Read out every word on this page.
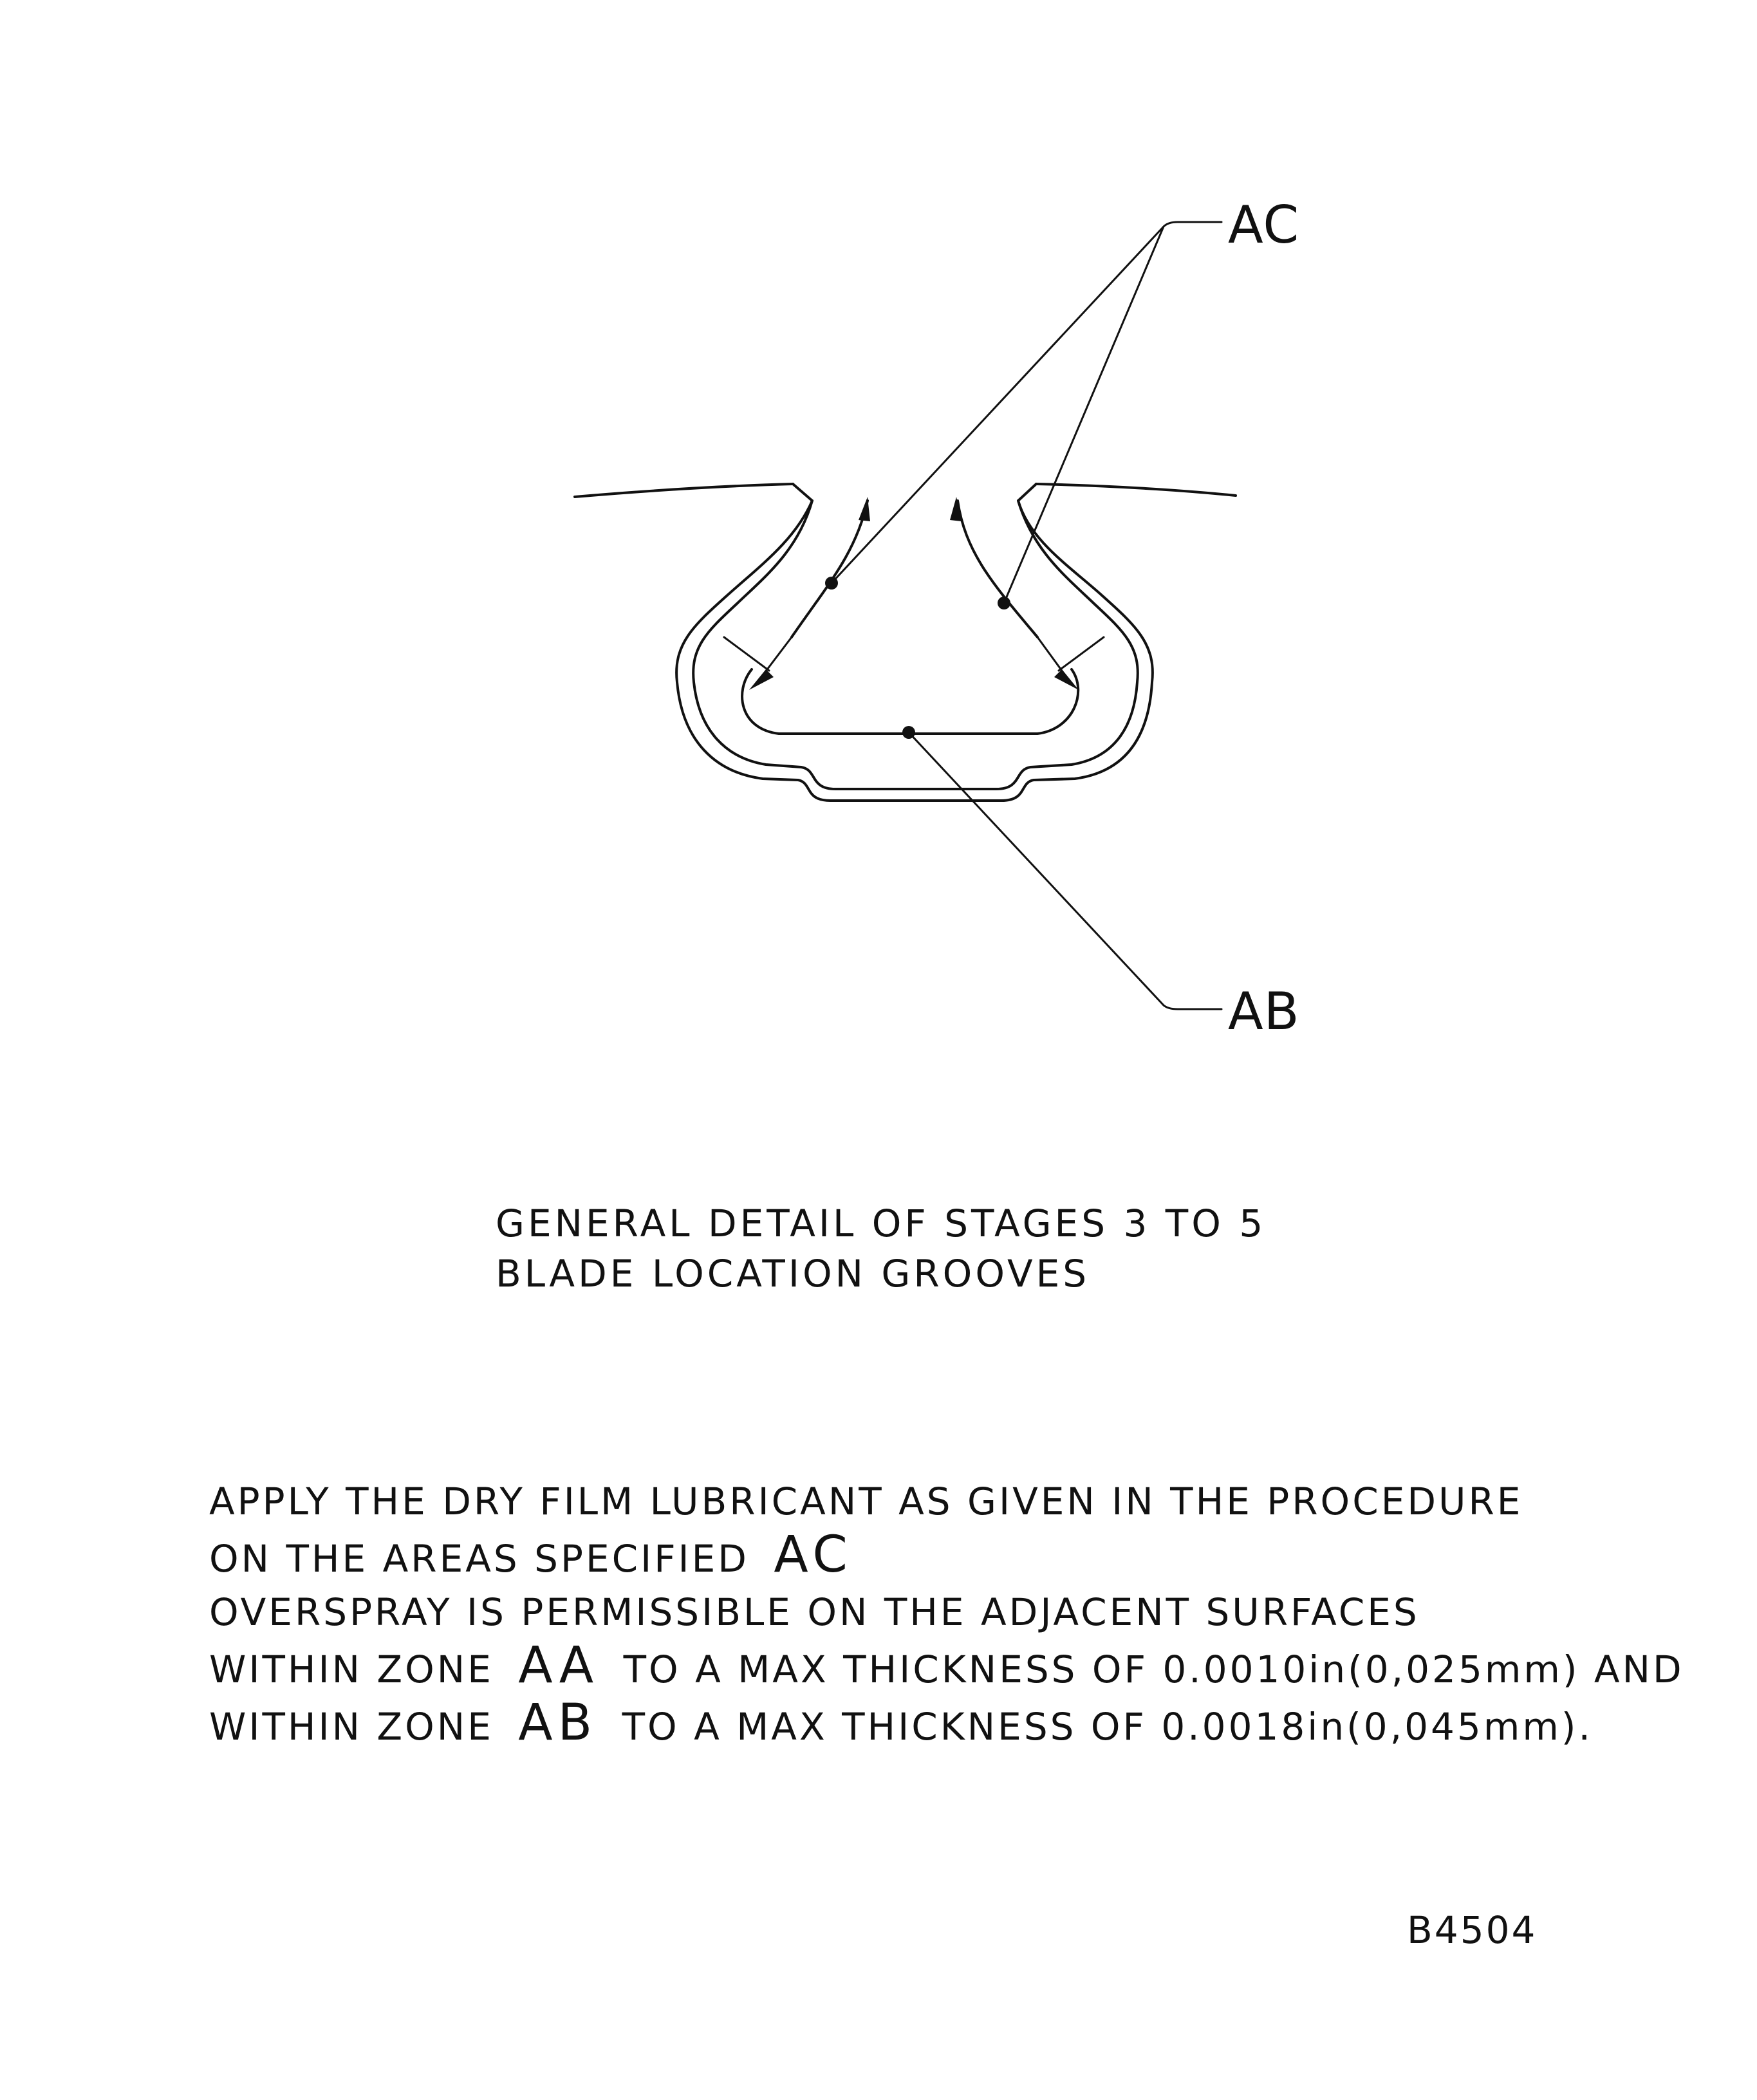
AC
AB
GENERAL DETAIL OF STAGES 3 TO 5
BLADE LOCATION GROOVES
APPLY THE DRY FILM LUBRICANT AS GIVEN IN THE PROCEDURE
ON THE AREAS SPECIFIED AC
OVERSPRAY IS PERMISSIBLE ON THE ADJACENT SURFACES
WITHIN ZONE AA TO A MAX THICKNESS OF 0.0010in(0,025mm) AND
WITHIN ZONE AB TO A MAX THICKNESS OF 0.0018in(0,045mm).
B4504
